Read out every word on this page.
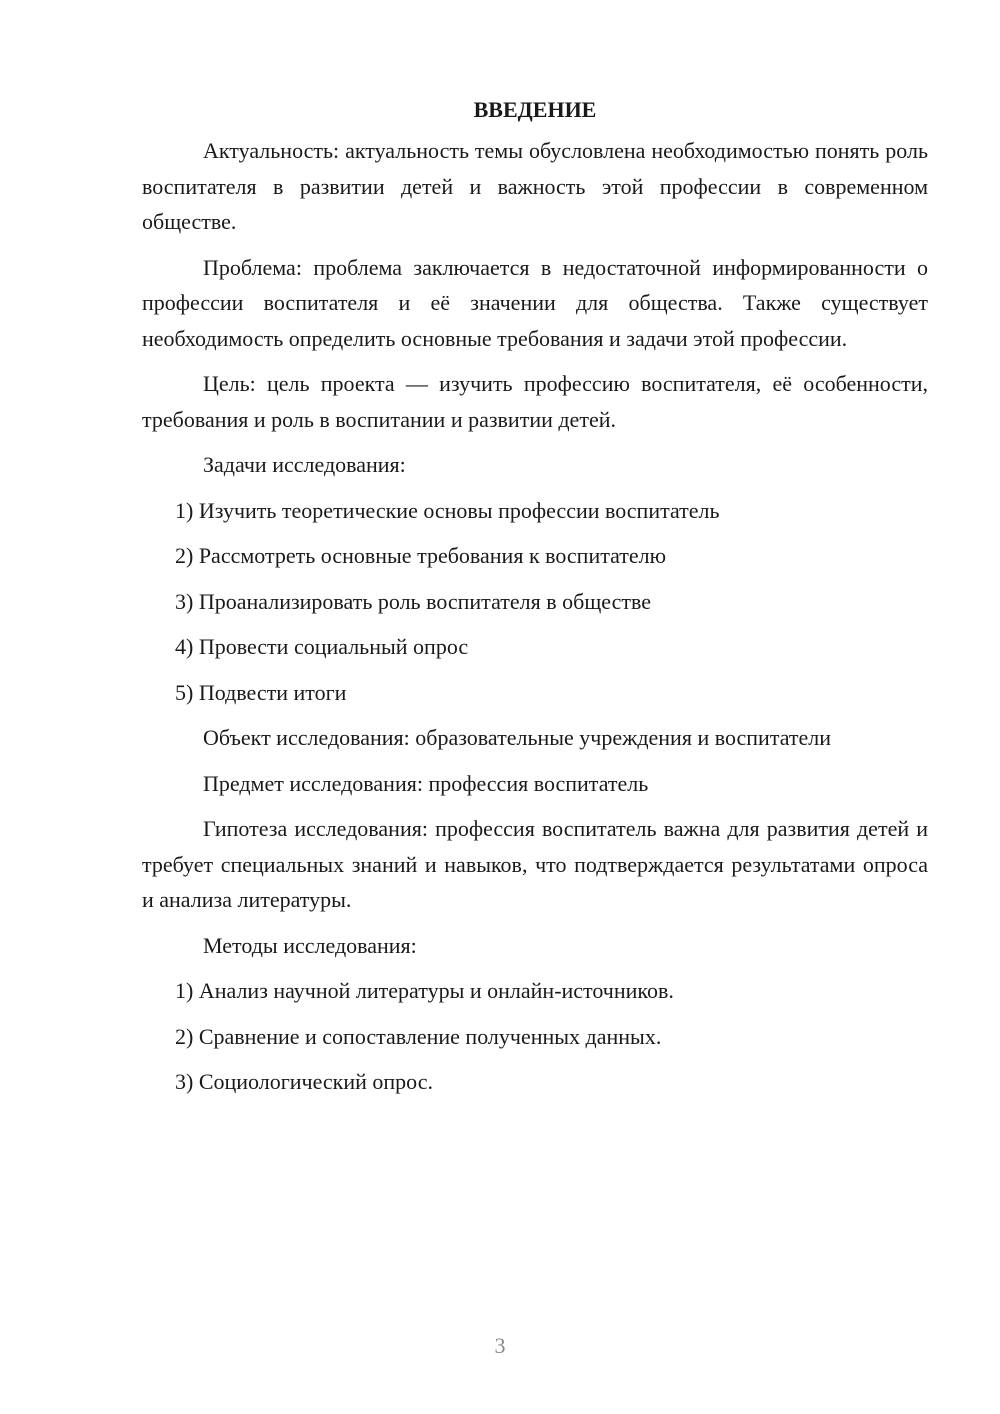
ВВЕДЕНИЕ

Актуальность: актуальность темы обусловлена необходимостью понять роль воспитателя в развитии детей и важность этой профессии в современном обществе.

Проблема: проблема заключается в недостаточной информированности о профессии воспитателя и её значении для общества. Также существует необходимость определить основные требования и задачи этой профессии.

Цель: цель проекта — изучить профессию воспитателя, её особенности, требования и роль в воспитании и развитии детей.

Задачи исследования:

1) Изучить теоретические основы профессии воспитатель
2) Рассмотреть основные требования к воспитателю
3) Проанализировать роль воспитателя в обществе
4) Провести социальный опрос
5) Подвести итоги

Объект исследования: образовательные учреждения и воспитатели

Предмет исследования: профессия воспитатель

Гипотеза исследования: профессия воспитатель важна для развития детей и требует специальных знаний и навыков, что подтверждается результатами опроса и анализа литературы.

Методы исследования:

1) Анализ научной литературы и онлайн-источников.
2) Сравнение и сопоставление полученных данных.
3) Социологический опрос.
3
